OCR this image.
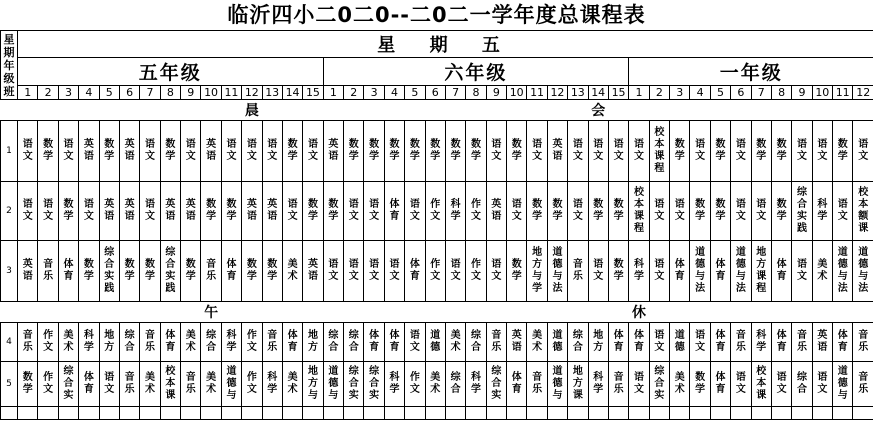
临沂四小二0二0--二0二一学年度总课程表
星期年级班	星 期 五																																									
	五年级															六年级															一年级											
	1	2	3	4	5	6	7	8	9	10	11	12	13	14	15	1	2	3	4	5	6	7	8	9	10	11	12	13	14	15	1	2	3	4	5	6	7	8	9	10	11	12
												晨																	会													
1	语文	数学	语文	英语	数学	英语	语文	数学	语文	英语	语文	语文	语文	数学	语文	英语	数学	数学	数学	数学	数学	数学	数学	语文	数学	语文	英语	语文	语文	语文	语文	校本课程	数学	语文	数学	语文	数学	数学	语文	语文	数学	语文

2	语文	语文	数学	语文	英语	英语	语文	英语	英语	数学	数学	英语	英语	语文	数学	数学	语文	语文	体育	语文	作文	科学	作文	英语	语文	数学	数学	语文	数学	数学	校本课程	语文	语文	数学	数学	语文	语文	数学	综合实践	科学	语文	校本额课

3	英语	音乐	体育	数学	综合实践	数学	数学	综合实践	数学	音乐	体育	数学	数学	美术	英语	语文	语文	语文	语文	体育	作文	语文	作文	语文	数学	地方与学	道德与法	音乐	语文	数学	科学	语文	体育	道德与法	体育	道德与法	地方课程	体育	语文	美术	道德与法	道德与法

										午																					休											
4	音乐	作文	美术	科学	地方	综合	音乐	体育	美术	综合	科学	作文	音乐	体育	地方	综合	综合	体育	体育	语文	道德	美术	综合	音乐	英语	美术	道德	综合	地方	体育	体育	语文	道德	语文	体育	音乐	科学	体育	音乐	英语	体育	音乐

5	数学	作文	综合实	体育	语文	音乐	美术	校本课	音乐	美术	道德与	作文	科学	美术	地方与	道德与	综合实	综合实	科学	作文	美术	综合	科学	综合实	体育	音乐	道德与	地方课	科学	音乐	语文	综合实	美术	数学	体育	语文	校本课	语文	综合	语文	道德与	音乐
